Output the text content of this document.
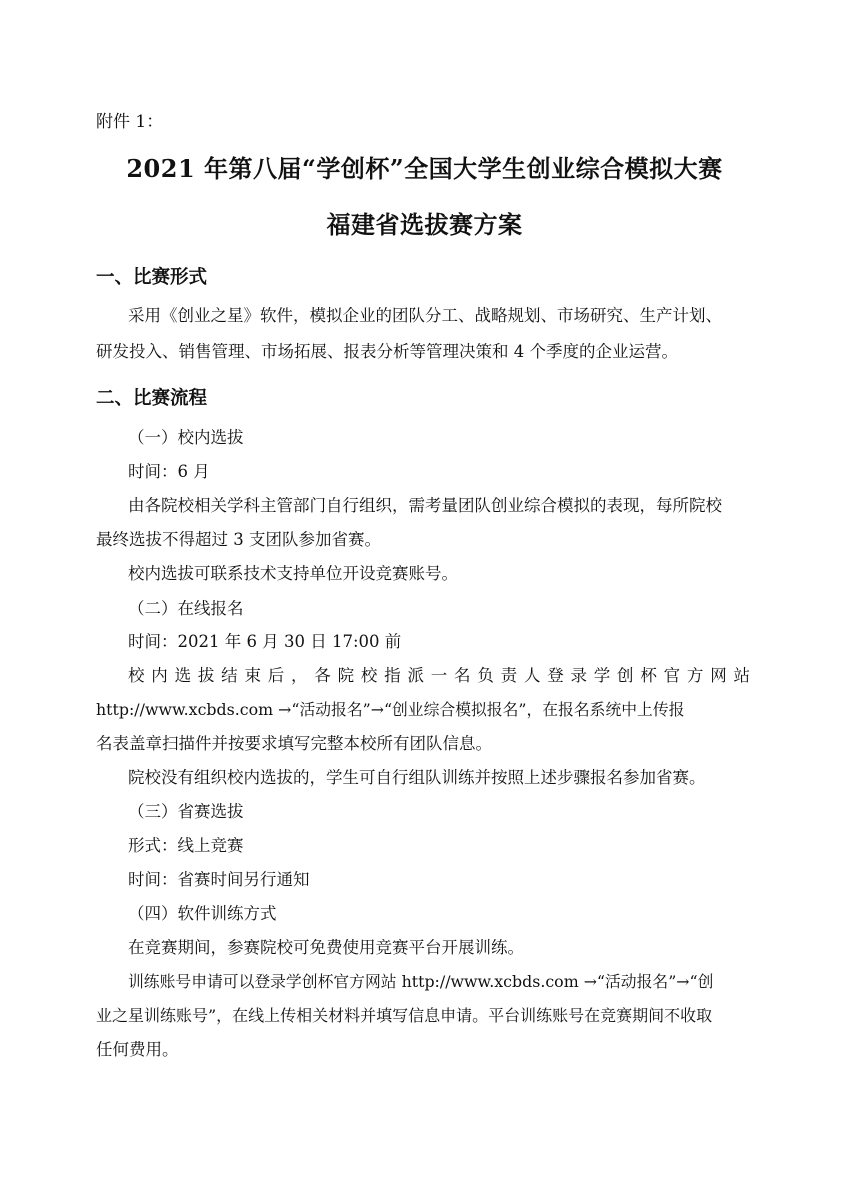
附件 1：
2021 年第八届“学创杯”全国大学生创业综合模拟大赛
福建省选拔赛方案
一、比赛形式
采用《创业之星》软件，模拟企业的团队分工、战略规划、市场研究、生产计划、
研发投入、销售管理、市场拓展、报表分析等管理决策和 4 个季度的企业运营。
二、比赛流程
（一）校内选拔
时间：6 月
由各院校相关学科主管部门自行组织，需考量团队创业综合模拟的表现，每所院校
最终选拔不得超过 3 支团队参加省赛。
校内选拔可联系技术支持单位开设竞赛账号。
（二）在线报名
时间：2021 年 6 月 30 日 17:00 前
校内选拔结束后，各院校指派一名负责人登录学创杯官方网站
http://www.xcbds.com →“活动报名”→“创业综合模拟报名”，在报名系统中上传报
名表盖章扫描件并按要求填写完整本校所有团队信息。
院校没有组织校内选拔的，学生可自行组队训练并按照上述步骤报名参加省赛。
（三）省赛选拔
形式：线上竞赛
时间：省赛时间另行通知
（四）软件训练方式
在竞赛期间，参赛院校可免费使用竞赛平台开展训练。
训练账号申请可以登录学创杯官方网站 http://www.xcbds.com →“活动报名”→“创
业之星训练账号”，在线上传相关材料并填写信息申请。平台训练账号在竞赛期间不收取
任何费用。
